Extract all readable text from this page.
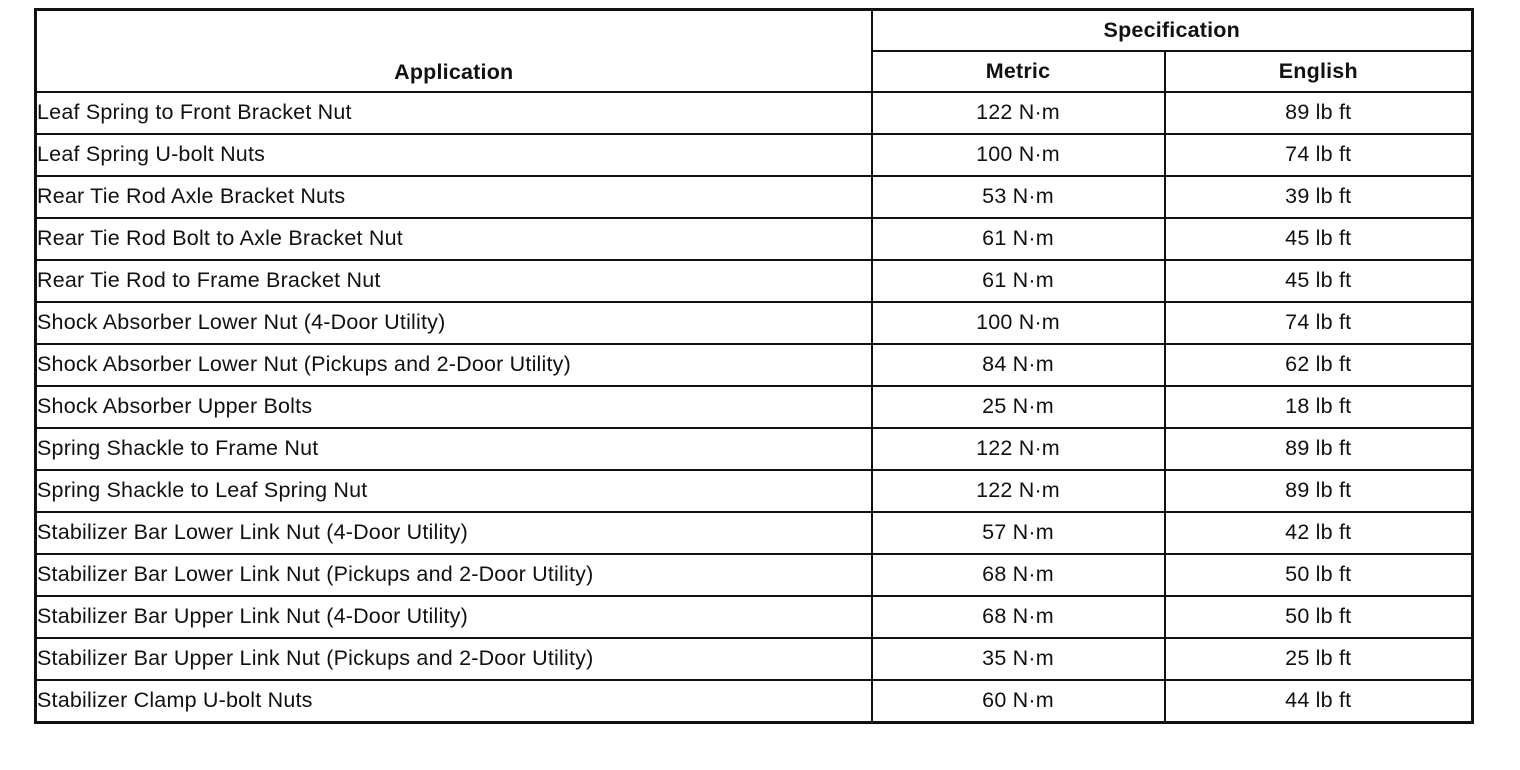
Application	Specification	
	Metric	English
Leaf Spring to Front Bracket Nut	122 N·m	89 lb ft
Leaf Spring U-bolt Nuts	100 N·m	74 lb ft
Rear Tie Rod Axle Bracket Nuts	53 N·m	39 lb ft
Rear Tie Rod Bolt to Axle Bracket Nut	61 N·m	45 lb ft
Rear Tie Rod to Frame Bracket Nut	61 N·m	45 lb ft
Shock Absorber Lower Nut (4-Door Utility)	100 N·m	74 lb ft
Shock Absorber Lower Nut (Pickups and 2-Door Utility)	84 N·m	62 lb ft
Shock Absorber Upper Bolts	25 N·m	18 lb ft
Spring Shackle to Frame Nut	122 N·m	89 lb ft
Spring Shackle to Leaf Spring Nut	122 N·m	89 lb ft
Stabilizer Bar Lower Link Nut (4-Door Utility)	57 N·m	42 lb ft
Stabilizer Bar Lower Link Nut (Pickups and 2-Door Utility)	68 N·m	50 lb ft
Stabilizer Bar Upper Link Nut (4-Door Utility)	68 N·m	50 lb ft
Stabilizer Bar Upper Link Nut (Pickups and 2-Door Utility)	35 N·m	25 lb ft
Stabilizer Clamp U-bolt Nuts	60 N·m	44 lb ft
